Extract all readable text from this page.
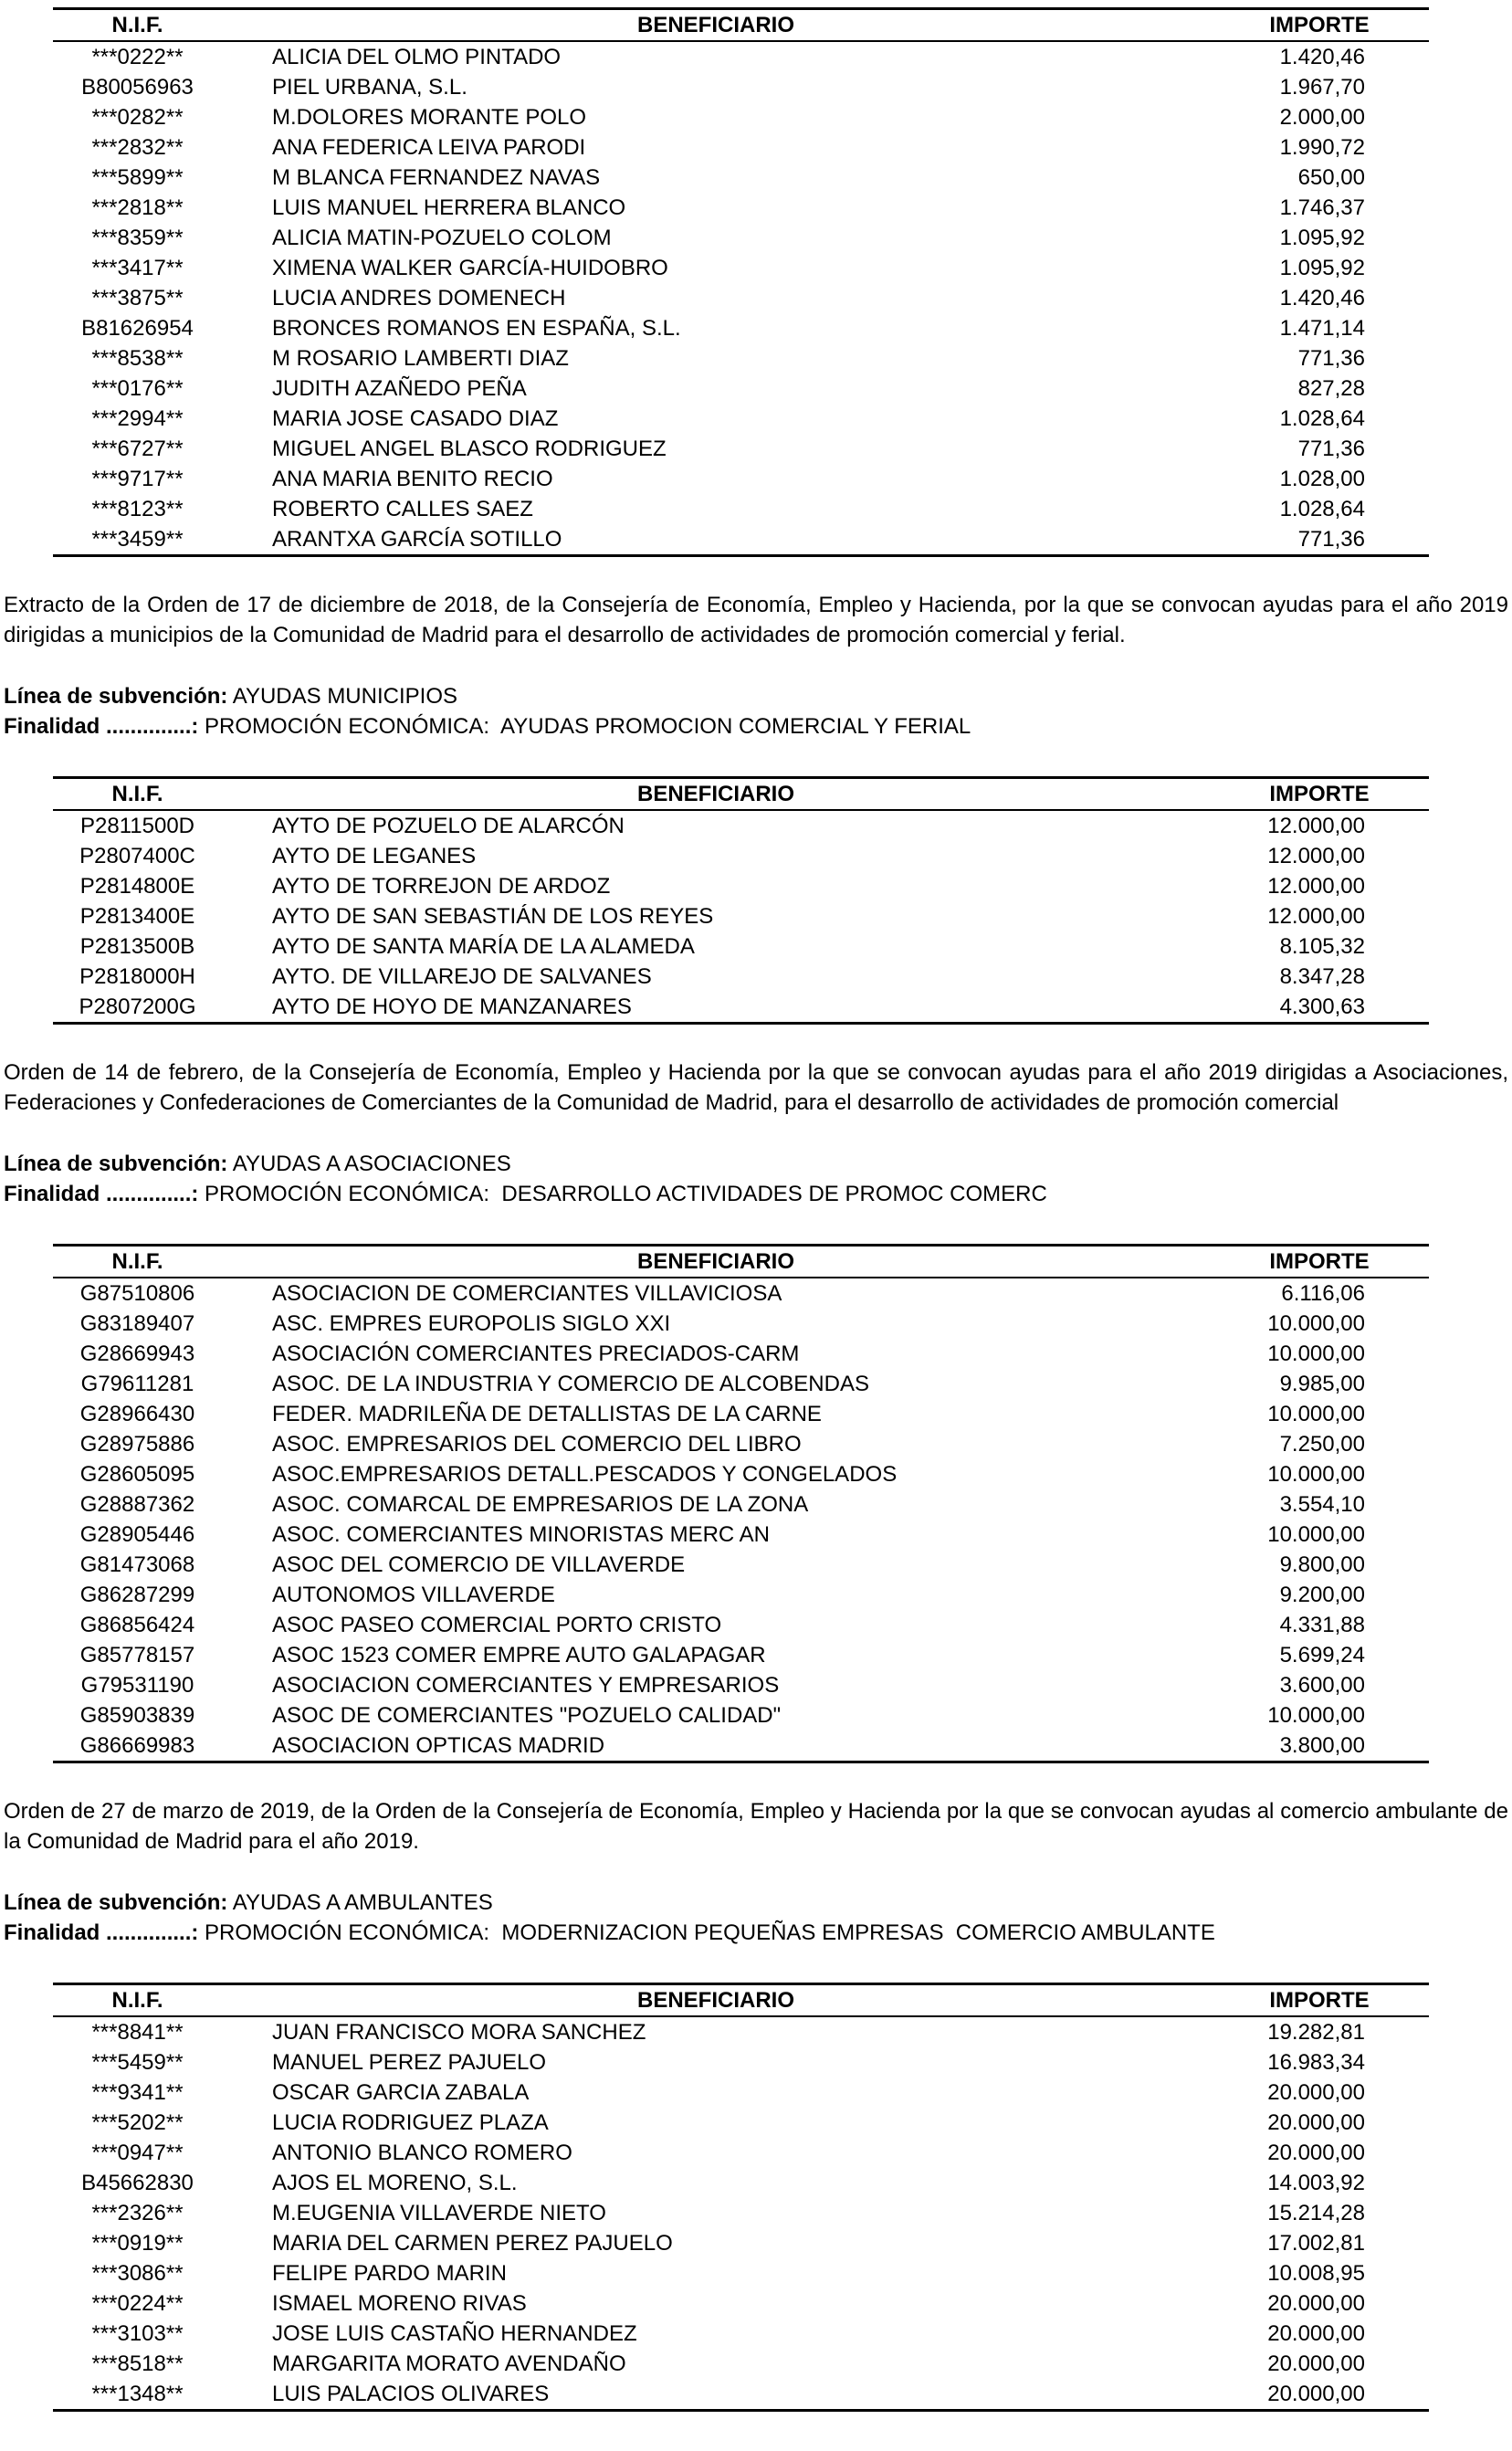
N.I.F.	BENEFICIARIO	IMPORTE
***0222**	ALICIA DEL OLMO PINTADO	1.420,46
B80056963	PIEL URBANA, S.L.	1.967,70
***0282**	M.DOLORES MORANTE POLO	2.000,00
***2832**	ANA FEDERICA LEIVA PARODI	1.990,72
***5899**	M BLANCA FERNANDEZ NAVAS	650,00
***2818**	LUIS MANUEL HERRERA BLANCO	1.746,37
***8359**	ALICIA MATIN-POZUELO COLOM	1.095,92
***3417**	XIMENA WALKER GARCÍA-HUIDOBRO	1.095,92
***3875**	LUCIA ANDRES DOMENECH	1.420,46
B81626954	BRONCES ROMANOS EN ESPAÑA, S.L.	1.471,14
***8538**	M ROSARIO LAMBERTI DIAZ	771,36
***0176**	JUDITH AZAÑEDO PEÑA	827,28
***2994**	MARIA JOSE CASADO DIAZ	1.028,64
***6727**	MIGUEL ANGEL BLASCO RODRIGUEZ	771,36
***9717**	ANA MARIA BENITO RECIO	1.028,00
***8123**	ROBERTO CALLES SAEZ	1.028,64
***3459**	ARANTXA GARCÍA SOTILLO	771,36

Extracto de la Orden de 17 de diciembre de 2018, de la Consejería de Economía, Empleo y Hacienda, por la que se convocan ayudas para el año 2019 dirigidas a municipios de la Comunidad de Madrid para el desarrollo de actividades de promoción comercial y ferial.

Línea de subvención: AYUDAS MUNICIPIOS
Finalidad ..............: PROMOCIÓN ECONÓMICA:  AYUDAS PROMOCION COMERCIAL Y FERIAL
N.I.F.	BENEFICIARIO	IMPORTE
P2811500D	AYTO DE POZUELO DE ALARCÓN	12.000,00
P2807400C	AYTO DE LEGANES	12.000,00
P2814800E	AYTO DE TORREJON DE ARDOZ	12.000,00
P2813400E	AYTO DE SAN SEBASTIÁN DE LOS REYES	12.000,00
P2813500B	AYTO DE SANTA MARÍA DE LA ALAMEDA	8.105,32
P2818000H	AYTO. DE VILLAREJO DE SALVANES	8.347,28
P2807200G	AYTO DE HOYO DE MANZANARES	4.300,63

Orden de 14 de febrero, de la Consejería de Economía, Empleo y Hacienda por la que se convocan ayudas para el año 2019 dirigidas a Asociaciones, Federaciones y Confederaciones de Comerciantes de la Comunidad de Madrid, para el desarrollo de actividades de promoción comercial

Línea de subvención: AYUDAS A ASOCIACIONES
Finalidad ..............: PROMOCIÓN ECONÓMICA:  DESARROLLO ACTIVIDADES DE PROMOC COMERC
N.I.F.	BENEFICIARIO	IMPORTE
G87510806	ASOCIACION DE COMERCIANTES VILLAVICIOSA	6.116,06
G83189407	ASC. EMPRES EUROPOLIS SIGLO XXI	10.000,00
G28669943	ASOCIACIÓN COMERCIANTES PRECIADOS-CARM	10.000,00
G79611281	ASOC. DE LA INDUSTRIA Y COMERCIO DE ALCOBENDAS	9.985,00
G28966430	FEDER. MADRILEÑA DE DETALLISTAS DE LA CARNE	10.000,00
G28975886	ASOC. EMPRESARIOS DEL COMERCIO DEL LIBRO	7.250,00
G28605095	ASOC.EMPRESARIOS DETALL.PESCADOS Y CONGELADOS	10.000,00
G28887362	ASOC. COMARCAL DE EMPRESARIOS DE LA ZONA	3.554,10
G28905446	ASOC. COMERCIANTES MINORISTAS MERC AN	10.000,00
G81473068	ASOC DEL COMERCIO DE VILLAVERDE	9.800,00
G86287299	AUTONOMOS VILLAVERDE	9.200,00
G86856424	ASOC PASEO COMERCIAL PORTO CRISTO	4.331,88
G85778157	ASOC 1523 COMER EMPRE AUTO GALAPAGAR	5.699,24
G79531190	ASOCIACION COMERCIANTES Y EMPRESARIOS	3.600,00
G85903839	ASOC DE COMERCIANTES "POZUELO CALIDAD"	10.000,00
G86669983	ASOCIACION OPTICAS MADRID	3.800,00

Orden de 27 de marzo de 2019, de la Orden de la Consejería de Economía, Empleo y Hacienda por la que se convocan ayudas al comercio ambulante de la Comunidad de Madrid para el año 2019.

Línea de subvención: AYUDAS A AMBULANTES
Finalidad ..............: PROMOCIÓN ECONÓMICA:  MODERNIZACION PEQUEÑAS EMPRESAS  COMERCIO AMBULANTE
N.I.F.	BENEFICIARIO	IMPORTE
***8841**	JUAN FRANCISCO MORA SANCHEZ	19.282,81
***5459**	MANUEL PEREZ PAJUELO	16.983,34
***9341**	OSCAR GARCIA ZABALA	20.000,00
***5202**	LUCIA RODRIGUEZ PLAZA	20.000,00
***0947**	ANTONIO BLANCO ROMERO	20.000,00
B45662830	AJOS EL MORENO, S.L.	14.003,92
***2326**	M.EUGENIA VILLAVERDE NIETO	15.214,28
***0919**	MARIA DEL CARMEN PEREZ PAJUELO	17.002,81
***3086**	FELIPE PARDO MARIN	10.008,95
***0224**	ISMAEL MORENO RIVAS	20.000,00
***3103**	JOSE LUIS CASTAÑO HERNANDEZ	20.000,00
***8518**	MARGARITA MORATO AVENDAÑO	20.000,00
***1348**	LUIS PALACIOS OLIVARES	20.000,00
